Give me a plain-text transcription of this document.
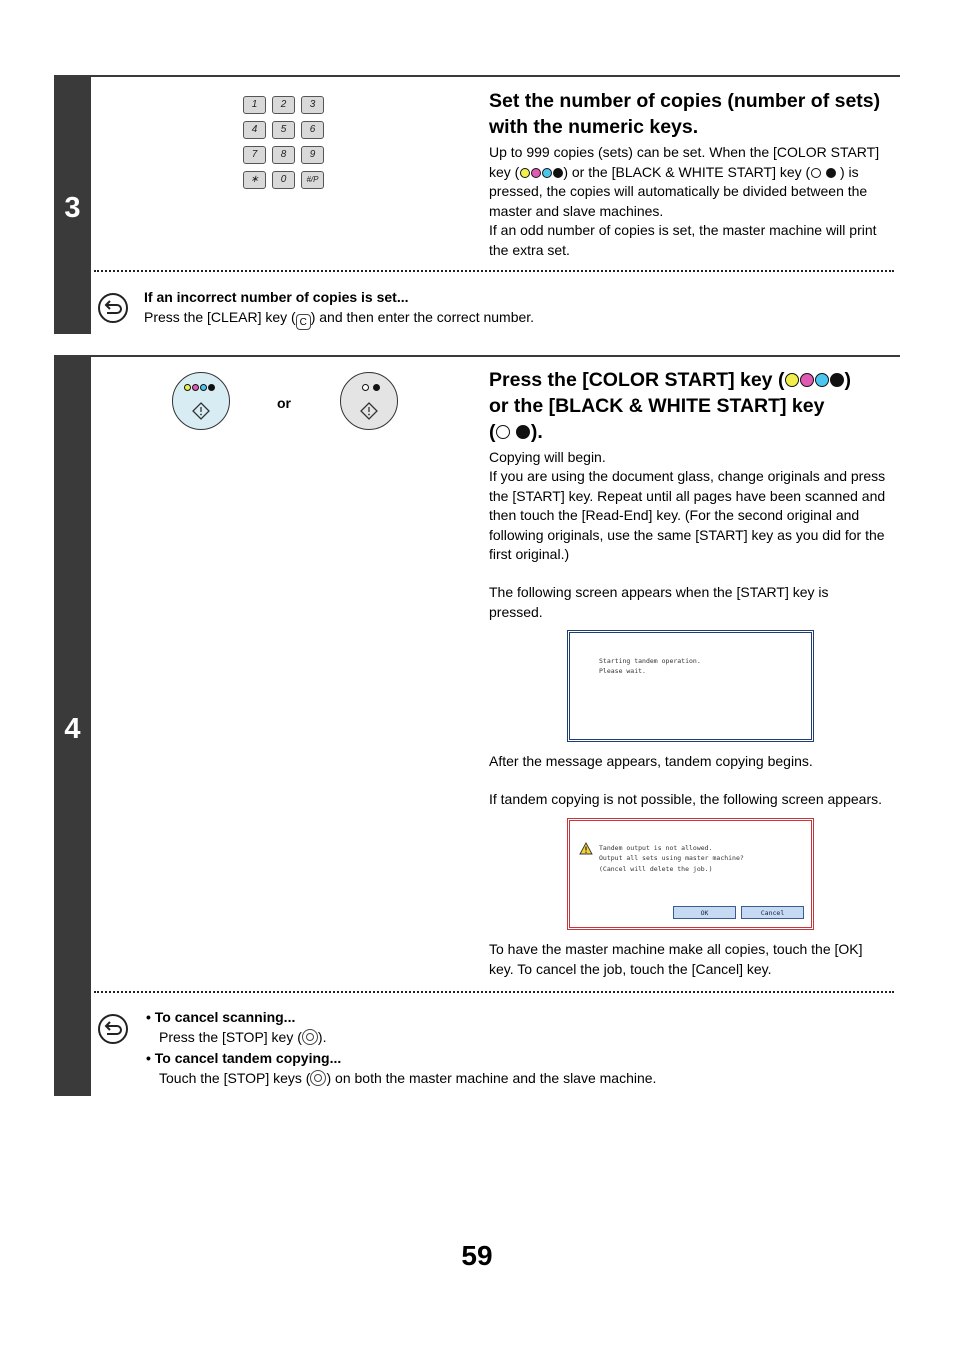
3
1	2	3
4	5	6
7	8	9
∗	0	#/P
Set the number of copies (number of sets) with the numeric keys.
Up to 999 copies (sets) can be set. When the [COLOR START]
key (	) or the [BLACK & WHITE START] key ( ) is
pressed, the copies will automatically be divided between the
master and slave machines.
If an odd number of copies is set, the master machine will print
the extra set.
If an incorrect number of copies is set...
Press the [CLEAR] key ( C ) and then enter the correct number.
4
or
Press the [COLOR START] key (	)
or the [BLACK & WHITE START] key
( ).
Copying will begin.
If you are using the document glass, change originals and press the [START] key. Repeat until all pages have been scanned and then touch the [Read-End] key. (For the second original and following originals, use the same [START] key as you did for the first original.)
The following screen appears when the [START] key is pressed.
Starting tandem operation.
Please wait.
After the message appears, tandem copying begins.
If tandem copying is not possible, the following screen appears.
Tandem output is not allowed.
Output all sets using master machine?
(Cancel will delete the job.)
OK	Cancel
To have the master machine make all copies, touch the [OK] key. To cancel the job, touch the [Cancel] key.
• To cancel scanning...
Press the [STOP] key ( ).
• To cancel tandem copying...
Touch the [STOP] keys ( ) on both the master machine and the slave machine.
59
